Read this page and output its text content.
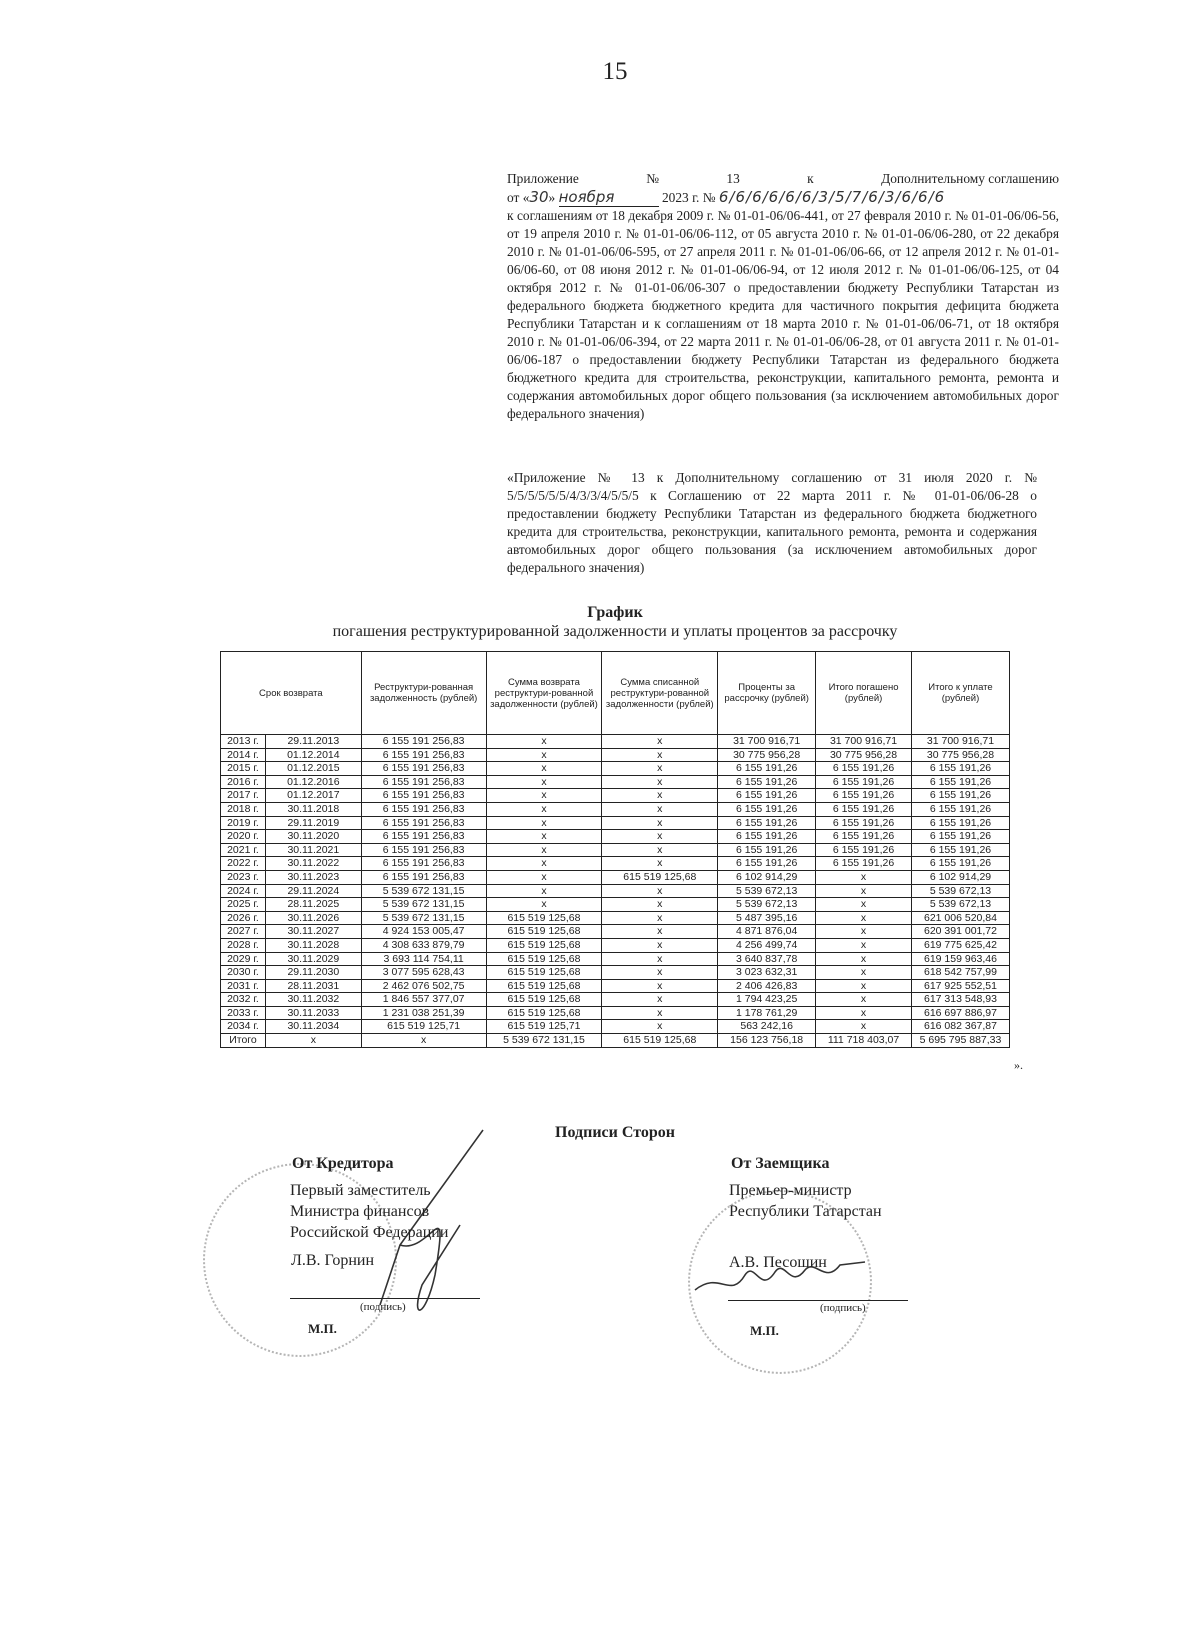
15
Приложение	№	13	к	Дополнительному соглашению
от «30» ноября	2023 г. № 6/6/6/6/6/6/3/5/7/6/3/6/6/6
к соглашениям от 18 декабря 2009 г. № 01-01-06/06-441, от 27 февраля 2010 г. № 01-01-06/06-56, от 19 апреля 2010 г. № 01-01-06/06-112, от 05 августа 2010 г. № 01-01-06/06-280, от 22 декабря 2010 г. № 01-01-06/06-595, от 27 апреля 2011 г. № 01-01-06/06-66, от 12 апреля 2012 г. № 01-01-06/06-60, от 08 июня 2012 г. № 01-01-06/06-94, от 12 июля 2012 г. № 01-01-06/06-125, от 04 октября 2012 г. № 01-01-06/06-307 о предоставлении бюджету Республики Татарстан из федерального бюджета бюджетного кредита для частичного покрытия дефицита бюджета Республики Татарстан и к соглашениям от 18 марта 2010 г. № 01-01-06/06-71, от 18 октября 2010 г. № 01-01-06/06-394, от 22 марта 2011 г. № 01-01-06/06-28, от 01 августа 2011 г. № 01-01-06/06-187 о предоставлении бюджету Республики Татарстан из федерального бюджета бюджетного кредита для строительства, реконструкции, капитального ремонта, ремонта и содержания автомобильных дорог общего пользования (за исключением автомобильных дорог федерального значения)
«Приложение № 13 к Дополнительному соглашению от 31 июля 2020 г. № 5/5/5/5/5/5/4/3/3/4/5/5/5 к Соглашению от 22 марта 2011 г. № 01-01-06/06-28 о предоставлении бюджету Республики Татарстан из федерального бюджета бюджетного кредита для строительства, реконструкции, капитального ремонта, ремонта и содержания автомобильных дорог общего пользования (за исключением автомобильных дорог федерального значения)
График
погашения реструктурированной задолженности и уплаты процентов за рассрочку
Срок возврата		Реструктури-рованная задолженность (рублей)	Сумма возврата реструктури-рованной задолженности (рублей)	Сумма списанной реструктури-рованной задолженности (рублей)	Проценты за рассрочку (рублей)	Итого погашено (рублей)	Итого к уплате (рублей)
2013 г.	29.11.2013	6 155 191 256,83	х	х	31 700 916,71	31 700 916,71	31 700 916,71
2014 г.	01.12.2014	6 155 191 256,83	х	х	30 775 956,28	30 775 956,28	30 775 956,28
2015 г.	01.12.2015	6 155 191 256,83	х	х	6 155 191,26	6 155 191,26	6 155 191,26
2016 г.	01.12.2016	6 155 191 256,83	х	х	6 155 191,26	6 155 191,26	6 155 191,26
2017 г.	01.12.2017	6 155 191 256,83	х	х	6 155 191,26	6 155 191,26	6 155 191,26
2018 г.	30.11.2018	6 155 191 256,83	х	х	6 155 191,26	6 155 191,26	6 155 191,26
2019 г.	29.11.2019	6 155 191 256,83	х	х	6 155 191,26	6 155 191,26	6 155 191,26
2020 г.	30.11.2020	6 155 191 256,83	х	х	6 155 191,26	6 155 191,26	6 155 191,26
2021 г.	30.11.2021	6 155 191 256,83	х	х	6 155 191,26	6 155 191,26	6 155 191,26
2022 г.	30.11.2022	6 155 191 256,83	х	х	6 155 191,26	6 155 191,26	6 155 191,26
2023 г.	30.11.2023	6 155 191 256,83	х	615 519 125,68	6 102 914,29	х	6 102 914,29
2024 г.	29.11.2024	5 539 672 131,15	х	х	5 539 672,13	х	5 539 672,13
2025 г.	28.11.2025	5 539 672 131,15	х	х	5 539 672,13	х	5 539 672,13
2026 г.	30.11.2026	5 539 672 131,15	615 519 125,68	х	5 487 395,16	х	621 006 520,84
2027 г.	30.11.2027	4 924 153 005,47	615 519 125,68	х	4 871 876,04	х	620 391 001,72
2028 г.	30.11.2028	4 308 633 879,79	615 519 125,68	х	4 256 499,74	х	619 775 625,42
2029 г.	30.11.2029	3 693 114 754,11	615 519 125,68	х	3 640 837,78	х	619 159 963,46
2030 г.	29.11.2030	3 077 595 628,43	615 519 125,68	х	3 023 632,31	х	618 542 757,99
2031 г.	28.11.2031	2 462 076 502,75	615 519 125,68	х	2 406 426,83	х	617 925 552,51
2032 г.	30.11.2032	1 846 557 377,07	615 519 125,68	х	1 794 423,25	х	617 313 548,93
2033 г.	30.11.2033	1 231 038 251,39	615 519 125,68	х	1 178 761,29	х	616 697 886,97
2034 г.	30.11.2034	615 519 125,71	615 519 125,71	х	563 242,16	х	616 082 367,87
Итого	х	х	5 539 672 131,15	615 519 125,68	156 123 756,18	111 718 403,07	5 695 795 887,33
».
Подписи Сторон
От Кредитора
Первый заместитель
Министра финансов
Российской Федерации
Л.В. Горнин
(подпись)
М.П.
От Заемщика
Премьер-министр
Республики Татарстан
А.В. Песошин
(подпись)
М.П.
